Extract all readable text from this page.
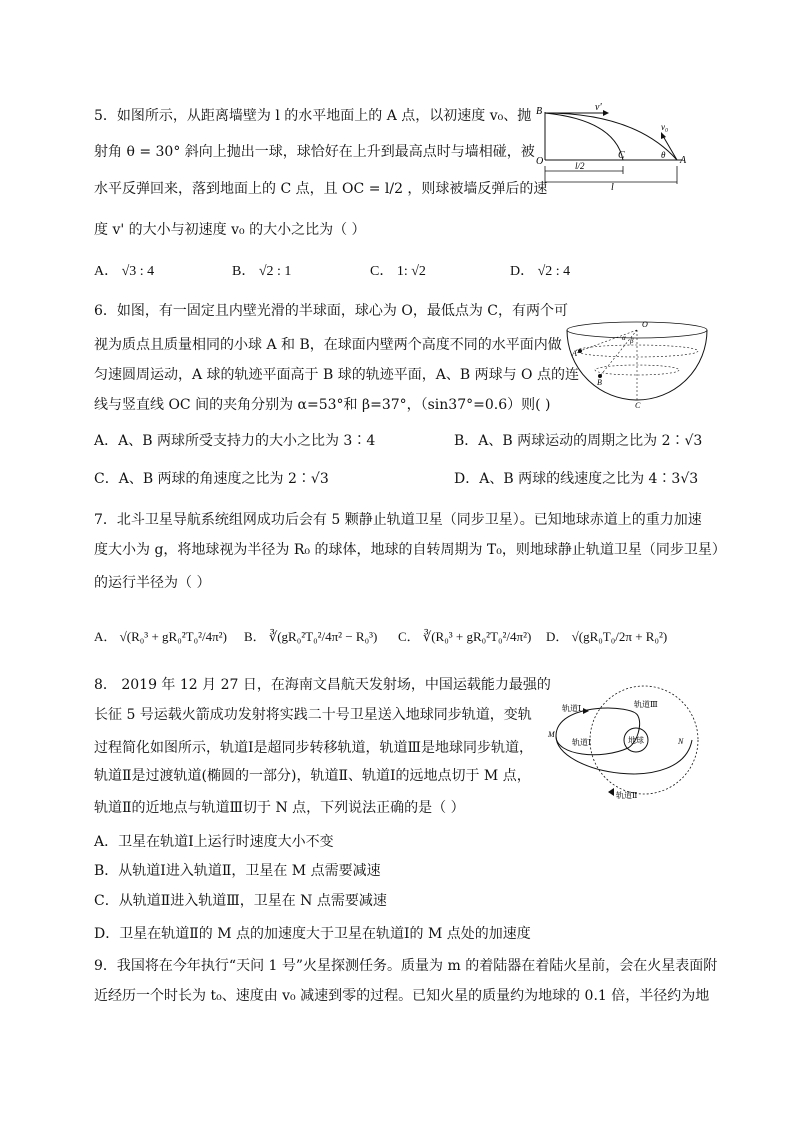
5．如图所示，从距离墙壁为 l 的水平地面上的 A 点，以初速度 v₀、抛
射角 θ = 30° 斜向上抛出一球，球恰好在上升到最高点时与墙相碰，被
水平反弹回来，落到地面上的 C 点，且 OC = l/2 ，则球被墙反弹后的速
度 v' 的大小与初速度 v₀ 的大小之比为（ ）
A． √3 : 4	B． √2 : 1	C． 1: √2	D． √2 : 4
B	v'
v₀
O
C	θ A
l/2
l
6．如图，有一固定且内壁光滑的半球面，球心为 O，最低点为 C，有两个可
视为质点且质量相同的小球 A 和 B，在球面内壁两个高度不同的水平面内做
匀速圆周运动，A 球的轨迹平面高于 B 球的轨迹平面，A、B 两球与 O 点的连
线与竖直线 OC 间的夹角分别为 α=53°和 β=37°，（sin37°=0.6）则( )
A．A、B 两球所受支持力的大小之比为 3∶4	B．A、B 两球运动的周期之比为 2∶√3
C．A、B 两球的角速度之比为 2∶√3	D．A、B 两球的线速度之比为 4∶3√3
O
α β
A
B
C
7．北斗卫星导航系统组网成功后会有 5 颗静止轨道卫星（同步卫星）。已知地球赤道上的重力加速
度大小为 g，将地球视为半径为 R₀ 的球体，地球的自转周期为 T₀，则地球静止轨道卫星（同步卫星）
的运行半径为（ ）
A． √(R₀³ + gR₀²T₀²/4π²) B． ∛(gR₀²T₀²/4π² − R₀³) C． ∛(R₀³ + gR₀²T₀²/4π²) D． √(gR₀T₀/2π + R₀²)
8． 2019 年 12 月 27 日，在海南文昌航天发射场，中国运载能力最强的
长征 5 号运载火箭成功发射将实践二十号卫星送入地球同步轨道，变轨
过程简化如图所示，轨道Ⅰ是超同步转移轨道，轨道Ⅲ是地球同步轨道，
轨道Ⅱ是过渡轨道(椭圆的一部分)，轨道Ⅱ、轨道Ⅰ的远地点切于 M 点，
轨道Ⅱ的近地点与轨道Ⅲ切于 N 点，下列说法正确的是（ ）
A．卫星在轨道Ⅰ上运行时速度大小不变
B．从轨道Ⅰ进入轨道Ⅱ，卫星在 M 点需要减速
C．从轨道Ⅱ进入轨道Ⅲ，卫星在 N 点需要减速
D．卫星在轨道Ⅱ的 M 点的加速度大于卫星在轨道Ⅰ的 M 点处的加速度
轨道Ⅰ	轨道Ⅲ
M
轨道Ⅰ	地球	N
轨道Ⅱ
9．我国将在今年执行“天问 1 号”火星探测任务。质量为 m 的着陆器在着陆火星前，会在火星表面附
近经历一个时长为 t₀、速度由 v₀ 减速到零的过程。已知火星的质量约为地球的 0.1 倍，半径约为地
